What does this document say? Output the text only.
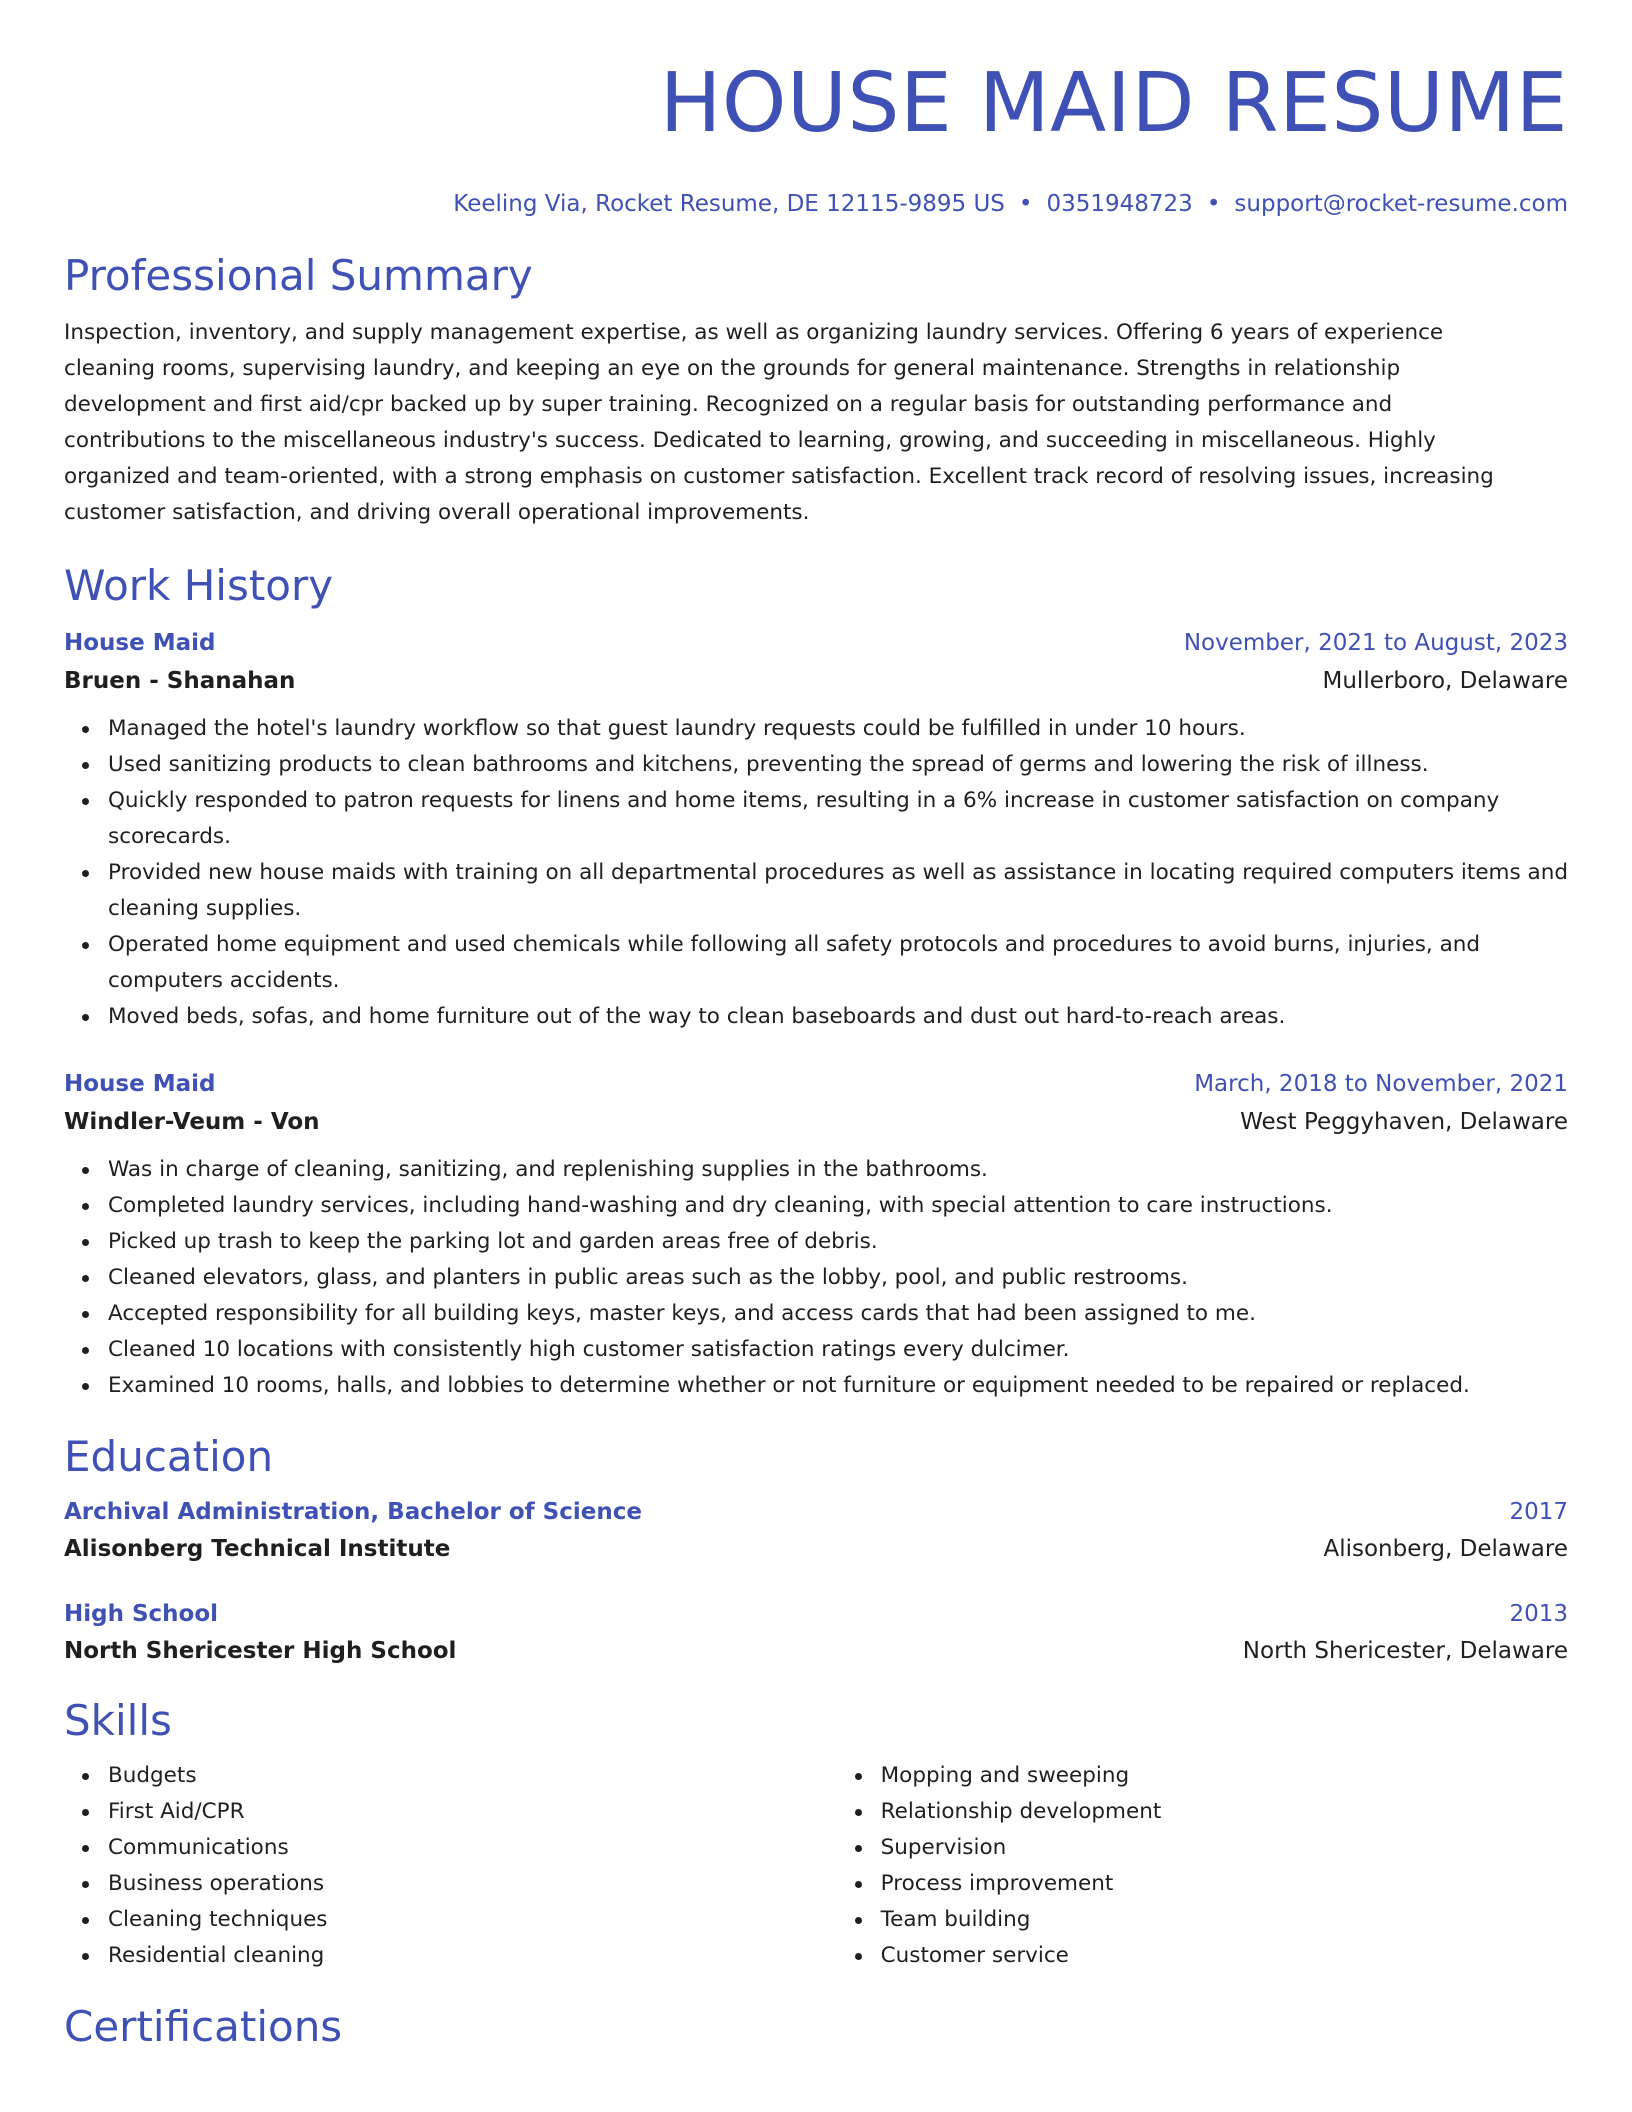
HOUSE MAID RESUME
Keeling Via, Rocket Resume, DE 12115-9895 US • 0351948723 • support@rocket-resume.com
Professional Summary

Inspection, inventory, and supply management expertise, as well as organizing laundry services. Offering 6 years of experience cleaning rooms, supervising laundry, and keeping an eye on the grounds for general maintenance. Strengths in relationship development and first aid/cpr backed up by super training. Recognized on a regular basis for outstanding performance and contributions to the miscellaneous industry's success. Dedicated to learning, growing, and succeeding in miscellaneous. Highly organized and team-oriented, with a strong emphasis on customer satisfaction. Excellent track record of resolving issues, increasing customer satisfaction, and driving overall operational improvements.

Work History
House Maid	November, 2021 to August, 2023
Bruen - Shanahan	Mullerboro, Delaware
Managed the hotel's laundry workflow so that guest laundry requests could be fulfilled in under 10 hours.
Used sanitizing products to clean bathrooms and kitchens, preventing the spread of germs and lowering the risk of illness.
Quickly responded to patron requests for linens and home items, resulting in a 6% increase in customer satisfaction on company scorecards.
Provided new house maids with training on all departmental procedures as well as assistance in locating required computers items and cleaning supplies.
Operated home equipment and used chemicals while following all safety protocols and procedures to avoid burns, injuries, and computers accidents.
Moved beds, sofas, and home furniture out of the way to clean baseboards and dust out hard-to-reach areas.
House Maid	March, 2018 to November, 2021
Windler-Veum - Von	West Peggyhaven, Delaware
Was in charge of cleaning, sanitizing, and replenishing supplies in the bathrooms.
Completed laundry services, including hand-washing and dry cleaning, with special attention to care instructions.
Picked up trash to keep the parking lot and garden areas free of debris.
Cleaned elevators, glass, and planters in public areas such as the lobby, pool, and public restrooms.
Accepted responsibility for all building keys, master keys, and access cards that had been assigned to me.
Cleaned 10 locations with consistently high customer satisfaction ratings every dulcimer.
Examined 10 rooms, halls, and lobbies to determine whether or not furniture or equipment needed to be repaired or replaced.
Education
Archival Administration, Bachelor of Science	2017
Alisonberg Technical Institute	Alisonberg, Delaware
High School	2013
North Shericester High School	North Shericester, Delaware
Skills
Budgets
First Aid/CPR
Communications
Business operations
Cleaning techniques
Residential cleaning
Mopping and sweeping
Relationship development
Supervision
Process improvement
Team building
Customer service
Certifications
